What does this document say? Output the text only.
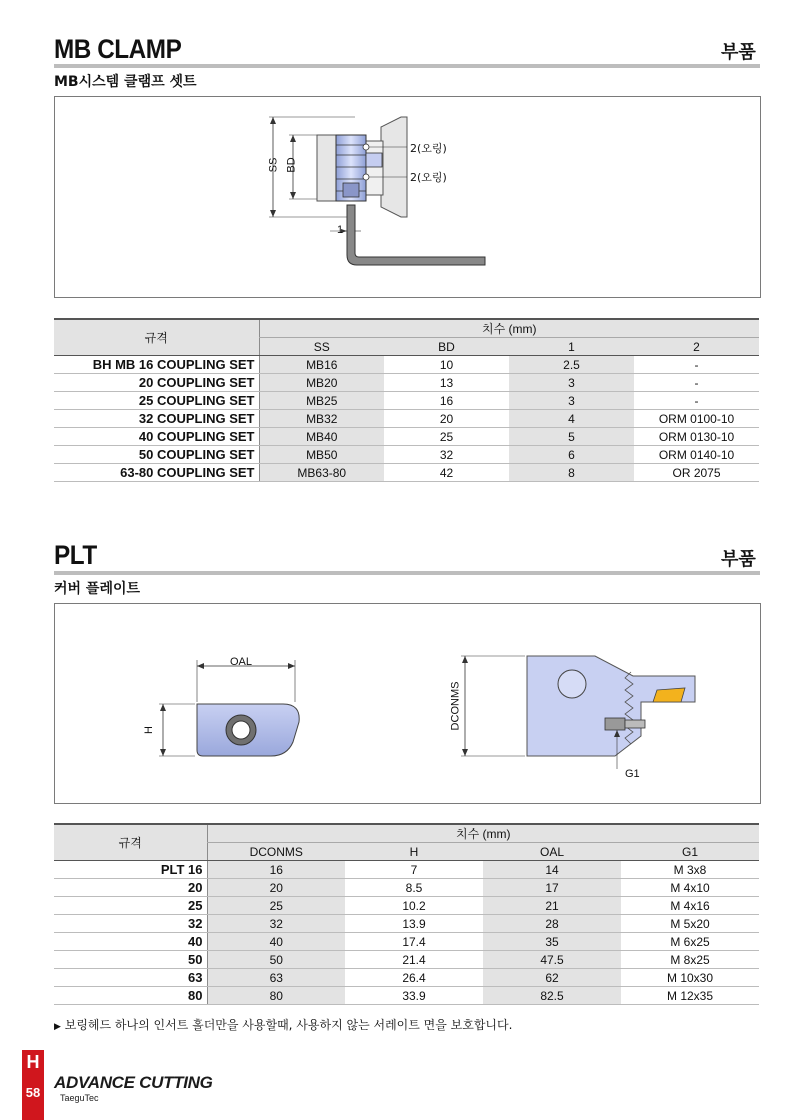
MB CLAMP	부품
MB시스템 클램프 셋트
SS BD
1
2(오링)
2(오링)
규격	치수 (mm)			
	SS	BD	1	2
BH MB 16 COUPLING SET	MB16	10	2.5	-
20 COUPLING SET	MB20	13	3	-
25 COUPLING SET	MB25	16	3	-
32 COUPLING SET	MB32	20	4	ORM 0100-10
40 COUPLING SET	MB40	25	5	ORM 0130-10
50 COUPLING SET	MB50	32	6	ORM 0140-10
63-80 COUPLING SET	MB63-80	42	8	OR 2075
PLT	부품
커버 플레이트
OAL
H	DCONMS
G1
규격	치수 (mm)			
	DCONMS	H	OAL	G1
PLT 16	16	7	14	M 3x8
20	20	8.5	17	M 4x10
25	25	10.2	21	M 4x16
32	32	13.9	28	M 5x20
40	40	17.4	35	M 6x25
50	50	21.4	47.5	M 8x25
63	63	26.4	62	M 10x30
80	80	33.9	82.5	M 12x35
▶ 보링헤드 하나의 인서트 홀더만을 사용할때, 사용하지 않는 서레이트 면을 보호합니다.
H
58
ADVANCE CUTTING
TaeguTec
